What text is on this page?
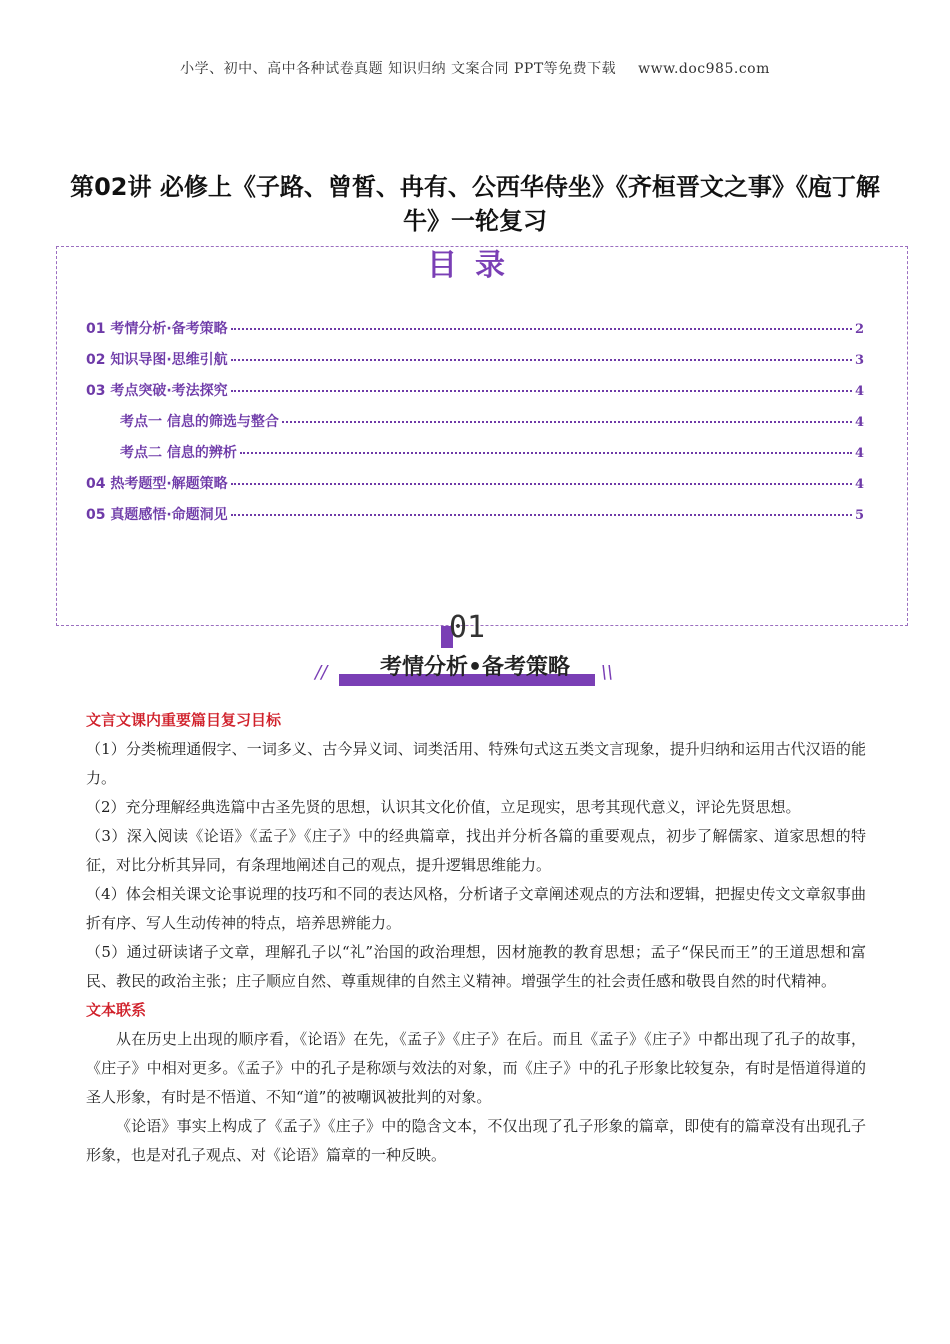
小学、初中、高中各种试卷真题 知识归纳 文案合同 PPT等免费下载 www.doc985.com
第02讲 必修上《子路、曾皙、冉有、公西华侍坐》《齐桓晋文之事》《庖丁解牛》一轮复习
目录
01 考情分析·备考策略	2
02 知识导图·思维引航	3
03 考点突破·考法探究	4
考点一 信息的筛选与整合	4
考点二 信息的辨析	4
04 热考题型·解题策略	4
05 真题感悟·命题洞见	5
01
//	考情分析•备考策略	\\
文言文课内重要篇目复习目标

（1）分类梳理通假字、一词多义、古今异义词、词类活用、特殊句式这五类文言现象，提升归纳和运用古代汉语的能力。

（2）充分理解经典选篇中古圣先贤的思想，认识其文化价值，立足现实，思考其现代意义，评论先贤思想。

（3）深入阅读《论语》《孟子》《庄子》中的经典篇章，找出并分析各篇的重要观点，初步了解儒家、道家思想的特征，对比分析其异同，有条理地阐述自己的观点，提升逻辑思维能力。

（4）体会相关课文论事说理的技巧和不同的表达风格，分析诸子文章阐述观点的方法和逻辑，把握史传文文章叙事曲折有序、写人生动传神的特点，培养思辨能力。

（5）通过研读诸子文章，理解孔子以“礼”治国的政治理想，因材施教的教育思想；孟子“保民而王”的王道思想和富民、教民的政治主张；庄子顺应自然、尊重规律的自然主义精神。增强学生的社会责任感和敬畏自然的时代精神。

文本联系

从在历史上出现的顺序看，《论语》在先，《孟子》《庄子》在后。而且《孟子》《庄子》中都出现了孔子的故事，《庄子》中相对更多。《孟子》中的孔子是称颂与效法的对象，而《庄子》中的孔子形象比较复杂，有时是悟道得道的圣人形象，有时是不悟道、不知“道”的被嘲讽被批判的对象。

《论语》事实上构成了《孟子》《庄子》中的隐含文本，不仅出现了孔子形象的篇章，即使有的篇章没有出现孔子形象，也是对孔子观点、对《论语》篇章的一种反映。
